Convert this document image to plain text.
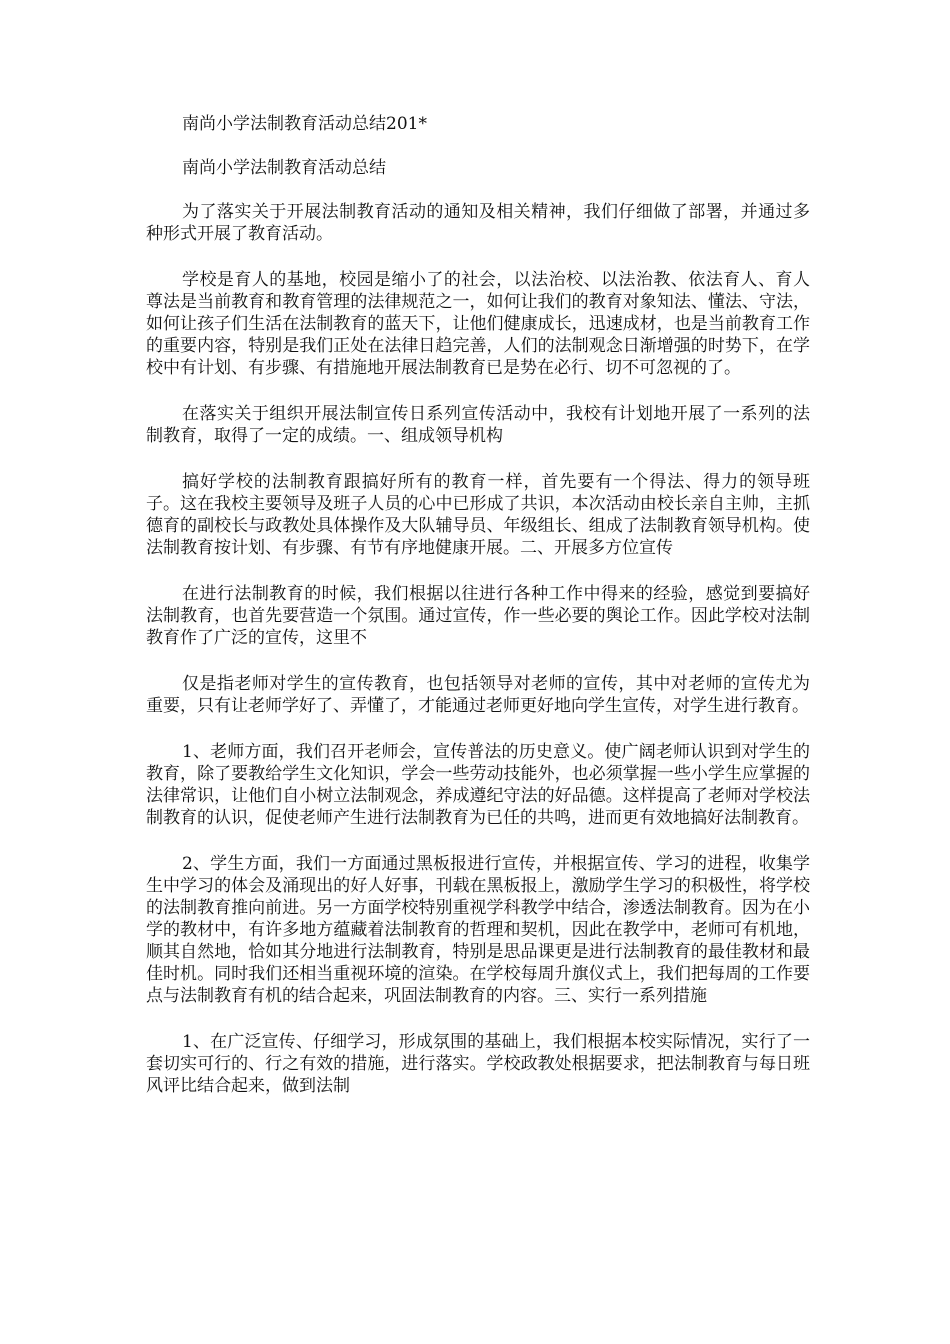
南尚小学法制教育活动总结201*

南尚小学法制教育活动总结

为了落实关于开展法制教育活动的通知及相关精神，我们仔细做了部署，并通过多种形式开展了教育活动。

学校是育人的基地，校园是缩小了的社会，以法治校、以法治教、依法育人、育人尊法是当前教育和教育管理的法律规范之一，如何让我们的教育对象知法、懂法、守法，如何让孩子们生活在法制教育的蓝天下，让他们健康成长，迅速成材，也是当前教育工作的重要内容，特别是我们正处在法律日趋完善，人们的法制观念日渐增强的时势下，在学校中有计划、有步骤、有措施地开展法制教育已是势在必行、切不可忽视的了。

在落实关于组织开展法制宣传日系列宣传活动中，我校有计划地开展了一系列的法制教育，取得了一定的成绩。一、组成领导机构

搞好学校的法制教育跟搞好所有的教育一样，首先要有一个得法、得力的领导班子。这在我校主要领导及班子人员的心中已形成了共识，本次活动由校长亲自主帅，主抓德育的副校长与政教处具体操作及大队辅导员、年级组长、组成了法制教育领导机构。使法制教育按计划、有步骤、有节有序地健康开展。二、开展多方位宣传

在进行法制教育的时候，我们根据以往进行各种工作中得来的经验，感觉到要搞好法制教育，也首先要营造一个氛围。通过宣传，作一些必要的舆论工作。因此学校对法制教育作了广泛的宣传，这里不

仅是指老师对学生的宣传教育，也包括领导对老师的宣传，其中对老师的宣传尤为重要，只有让老师学好了、弄懂了，才能通过老师更好地向学生宣传，对学生进行教育。

1、老师方面，我们召开老师会，宣传普法的历史意义。使广阔老师认识到对学生的教育，除了要教给学生文化知识，学会一些劳动技能外，也必须掌握一些小学生应掌握的法律常识，让他们自小树立法制观念，养成遵纪守法的好品德。这样提高了老师对学校法制教育的认识，促使老师产生进行法制教育为已任的共鸣，进而更有效地搞好法制教育。

2、学生方面，我们一方面通过黑板报进行宣传，并根据宣传、学习的进程，收集学生中学习的体会及涌现出的好人好事，刊载在黑板报上，激励学生学习的积极性，将学校的法制教育推向前进。另一方面学校特别重视学科教学中结合，渗透法制教育。因为在小学的教材中，有许多地方蕴藏着法制教育的哲理和契机，因此在教学中，老师可有机地，顺其自然地，恰如其分地进行法制教育，特别是思品课更是进行法制教育的最佳教材和最佳时机。同时我们还相当重视环境的渲染。在学校每周升旗仪式上，我们把每周的工作要点与法制教育有机的结合起来，巩固法制教育的内容。三、实行一系列措施

1、在广泛宣传、仔细学习，形成氛围的基础上，我们根据本校实际情况，实行了一套切实可行的、行之有效的措施，进行落实。学校政教处根据要求，把法制教育与每日班风评比结合起来，做到法制
